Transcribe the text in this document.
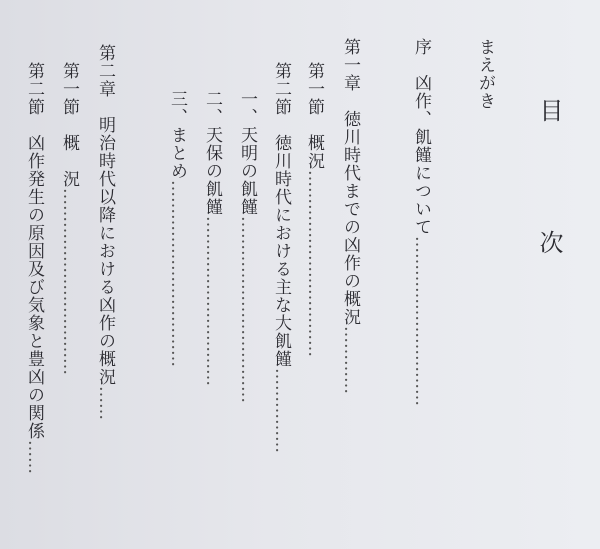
目　次
まえがき
序　凶作、飢饉について…………………………
第一章　徳川時代までの凶作の概況…………
第一節　概況……………………………
第二節　徳川時代における主な大飢饉……………
一、天明の飢饉……………………………
二、天保の飢饉…………………………
三、まとめ……………………………
第二章　明治時代以降における凶作の概況……
第一節　概　況……………………………
第二節　凶作発生の原因及び気象と豊凶の関係……
